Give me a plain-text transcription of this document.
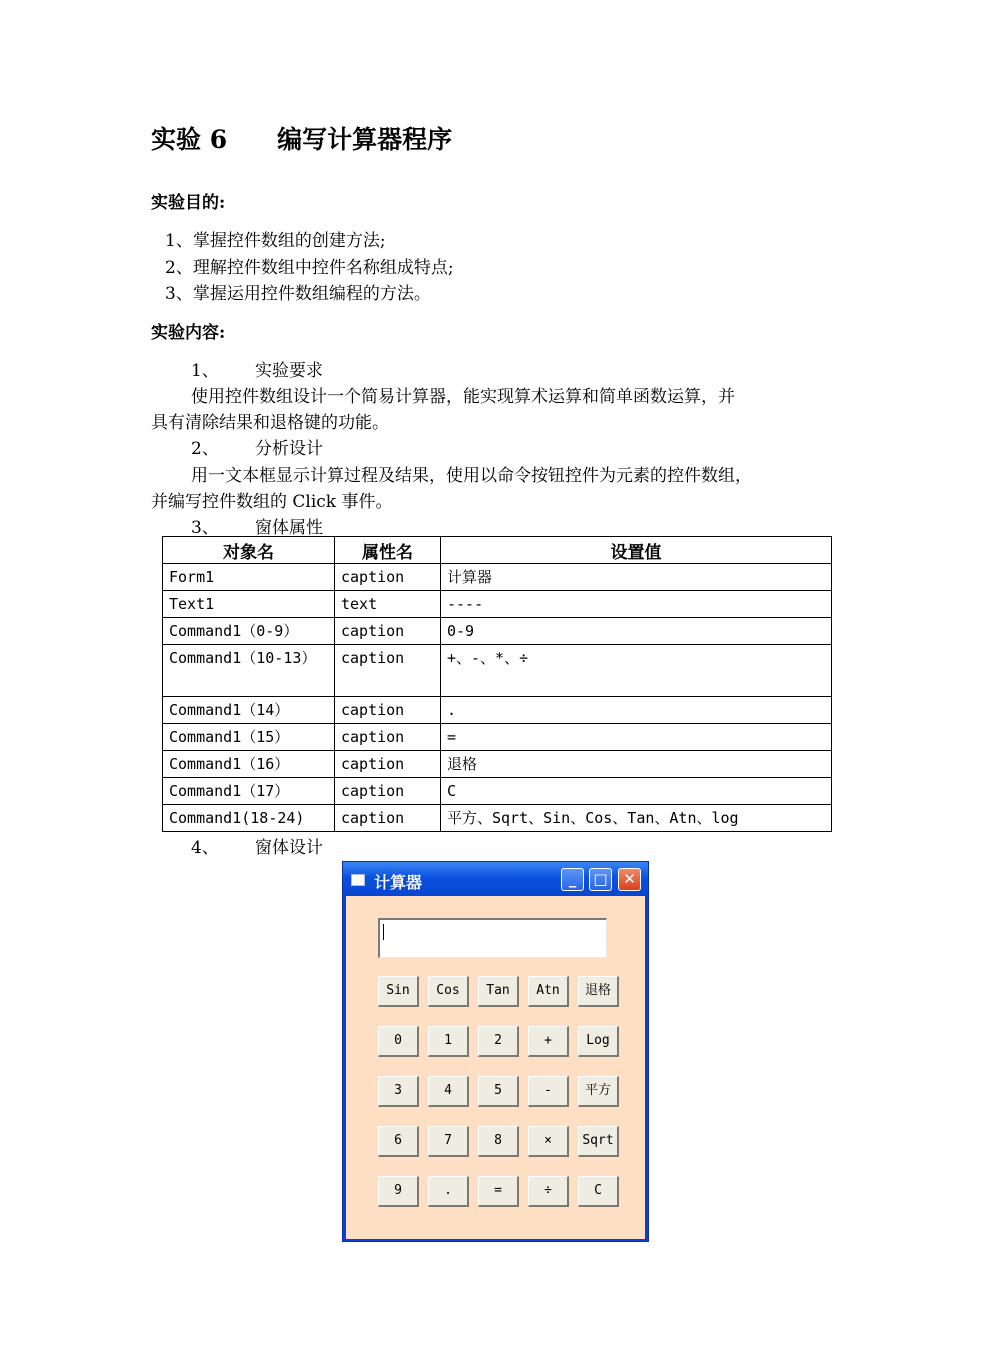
实验 6 编写计算器程序
实验目的:
1、掌握控件数组的创建方法;
2、理解控件数组中控件名称组成特点;
3、掌握运用控件数组编程的方法。
实验内容:
1、 实验要求
使用控件数组设计一个简易计算器，能实现算术运算和简单函数运算，并
具有清除结果和退格键的功能。
2、 分析设计
用一文本框显示计算过程及结果，使用以命令按钮控件为元素的控件数组，
并编写控件数组的 Click 事件。
3、 窗体属性
对象名	属性名	设置值
Form1	caption	计算器
Text1	text	----
Command1（0-9）	caption	0-9
Command1（10-13）	caption	+、-、*、÷
Command1（14）	caption	.
Command1（15）	caption	=
Command1（16）	caption	退格
Command1（17）	caption	C
Command1(18-24)	caption	平方、Sqrt、Sin、Cos、Tan、Atn、log
4、 窗体设计
计算器	_	□ ✕
Sin	Cos	Tan	Atn	退格
0	1	2	+	Log
3	4	5	-	平方
6	7	8	×	Sqrt
9	.	=	÷	C
